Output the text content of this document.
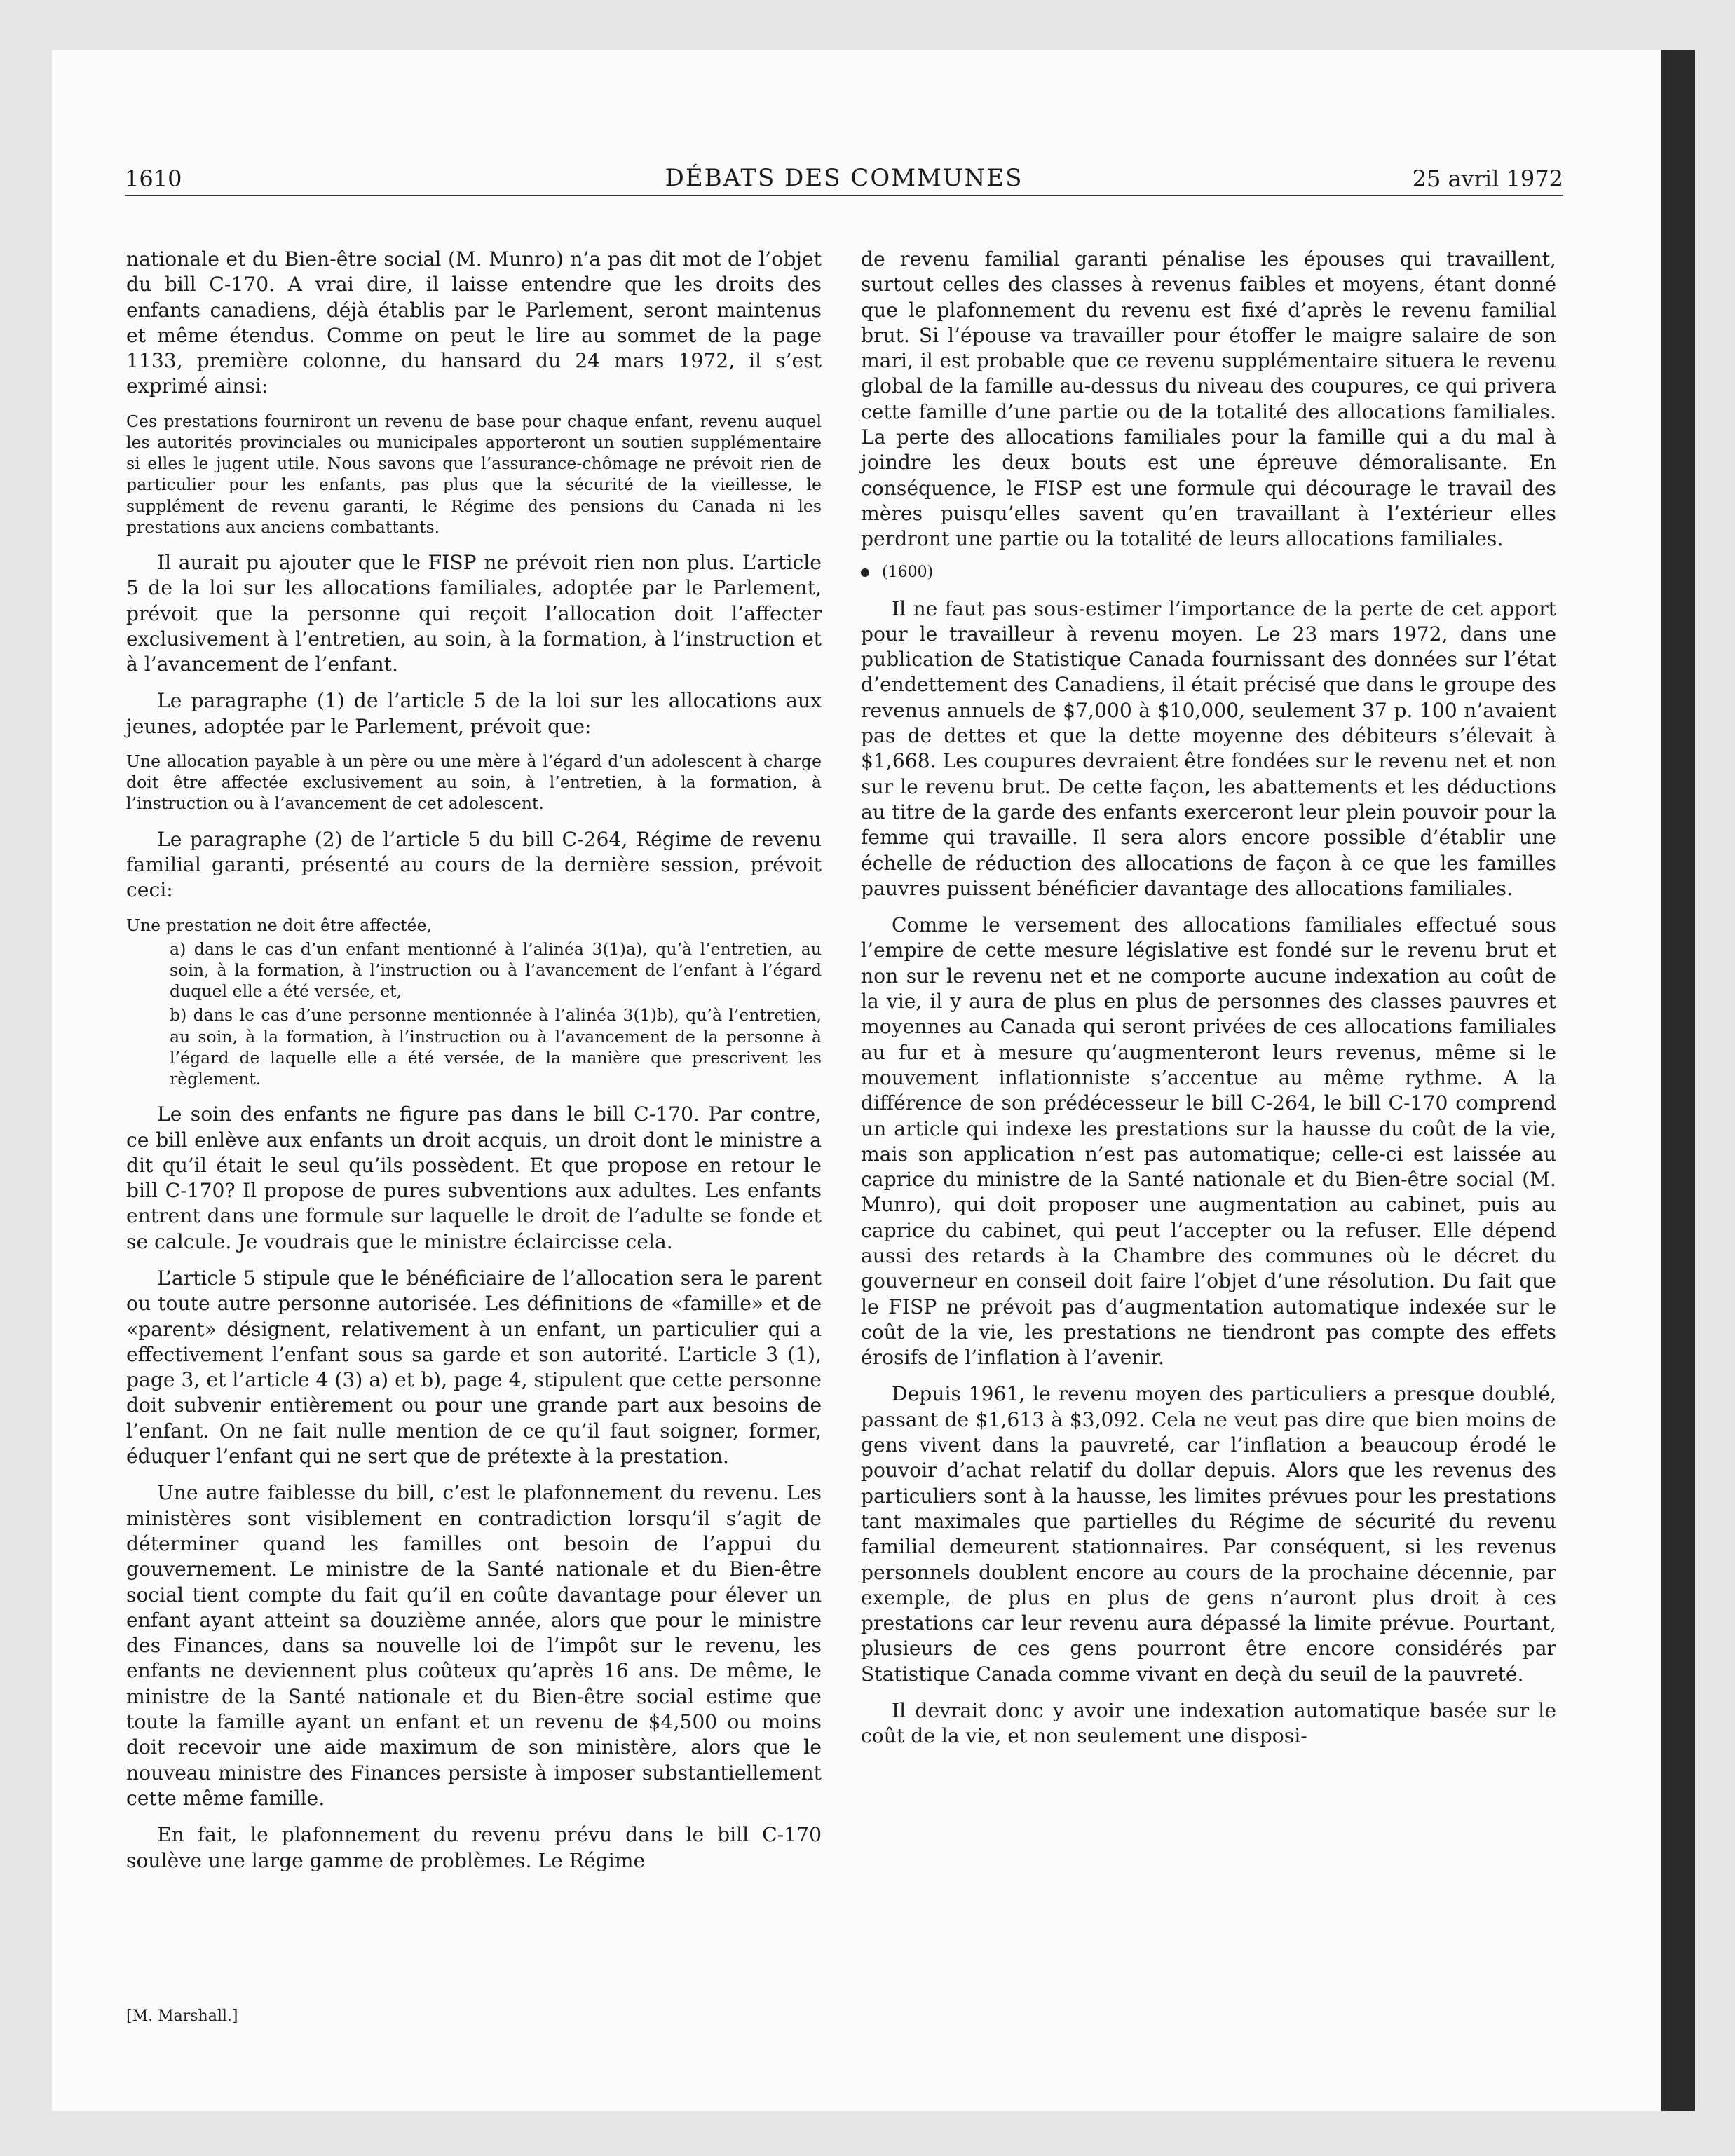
1610	DÉBATS DES COMMUNES	25 avril 1972

nationale et du Bien-être social (M. Munro) n’a pas dit mot de l’objet du bill C-170. A vrai dire, il laisse entendre que les droits des enfants canadiens, déjà établis par le Parlement, seront maintenus et même étendus. Comme on peut le lire au sommet de la page 1133, première colonne, du hansard du 24 mars 1972, il s’est exprimé ainsi:

Ces prestations fourniront un revenu de base pour chaque enfant, revenu auquel les autorités provinciales ou municipales apporteront un soutien supplémentaire si elles le jugent utile. Nous savons que l’assurance-chômage ne prévoit rien de particulier pour les enfants, pas plus que la sécurité de la vieillesse, le supplément de revenu garanti, le Régime des pensions du Canada ni les prestations aux anciens combattants.

Il aurait pu ajouter que le FISP ne prévoit rien non plus. L’article 5 de la loi sur les allocations familiales, adoptée par le Parlement, prévoit que la personne qui reçoit l’allocation doit l’affecter exclusivement à l’entretien, au soin, à la formation, à l’instruction et à l’avancement de l’enfant.

Le paragraphe (1) de l’article 5 de la loi sur les allocations aux jeunes, adoptée par le Parlement, prévoit que:

Une allocation payable à un père ou une mère à l’égard d’un adolescent à charge doit être affectée exclusivement au soin, à l’entretien, à la formation, à l’instruction ou à l’avancement de cet adolescent.

Le paragraphe (2) de l’article 5 du bill C-264, Régime de revenu familial garanti, présenté au cours de la dernière session, prévoit ceci:

Une prestation ne doit être affectée,

a) dans le cas d’un enfant mentionné à l’alinéa 3(1)a), qu’à l’entretien, au soin, à la formation, à l’instruction ou à l’avancement de l’enfant à l’égard duquel elle a été versée, et,

b) dans le cas d’une personne mentionnée à l’alinéa 3(1)b), qu’à l’entretien, au soin, à la formation, à l’instruction ou à l’avancement de la personne à l’égard de laquelle elle a été versée, de la manière que prescrivent les règlement.

Le soin des enfants ne figure pas dans le bill C-170. Par contre, ce bill enlève aux enfants un droit acquis, un droit dont le ministre a dit qu’il était le seul qu’ils possèdent. Et que propose en retour le bill C-170? Il propose de pures subventions aux adultes. Les enfants entrent dans une formule sur laquelle le droit de l’adulte se fonde et se calcule. Je voudrais que le ministre éclaircisse cela.

L’article 5 stipule que le bénéficiaire de l’allocation sera le parent ou toute autre personne autorisée. Les définitions de «famille» et de «parent» désignent, relativement à un enfant, un particulier qui a effectivement l’enfant sous sa garde et son autorité. L’article 3 (1), page 3, et l’article 4 (3) a) et b), page 4, stipulent que cette personne doit subvenir entièrement ou pour une grande part aux besoins de l’enfant. On ne fait nulle mention de ce qu’il faut soigner, former, éduquer l’enfant qui ne sert que de prétexte à la prestation.

Une autre faiblesse du bill, c’est le plafonnement du revenu. Les ministères sont visiblement en contradiction lorsqu’il s’agit de déterminer quand les familles ont besoin de l’appui du gouvernement. Le ministre de la Santé nationale et du Bien-être social tient compte du fait qu’il en coûte davantage pour élever un enfant ayant atteint sa douzième année, alors que pour le ministre des Finances, dans sa nouvelle loi de l’impôt sur le revenu, les enfants ne deviennent plus coûteux qu’après 16 ans. De même, le ministre de la Santé nationale et du Bien-être social estime que toute la famille ayant un enfant et un revenu de $4,500 ou moins doit recevoir une aide maximum de son ministère, alors que le nouveau ministre des Finances persiste à imposer substantiellement cette même famille.

En fait, le plafonnement du revenu prévu dans le bill C-170 soulève une large gamme de problèmes. Le Régime

de revenu familial garanti pénalise les épouses qui travaillent, surtout celles des classes à revenus faibles et moyens, étant donné que le plafonnement du revenu est fixé d’après le revenu familial brut. Si l’épouse va travailler pour étoffer le maigre salaire de son mari, il est probable que ce revenu supplémentaire situera le revenu global de la famille au-dessus du niveau des coupures, ce qui privera cette famille d’une partie ou de la totalité des allocations familiales. La perte des allocations familiales pour la famille qui a du mal à joindre les deux bouts est une épreuve démoralisante. En conséquence, le FISP est une formule qui décourage le travail des mères puisqu’elles savent qu’en travaillant à l’extérieur elles perdront une partie ou la totalité de leurs allocations familiales.

(1600)

Il ne faut pas sous-estimer l’importance de la perte de cet apport pour le travailleur à revenu moyen. Le 23 mars 1972, dans une publication de Statistique Canada fournissant des données sur l’état d’endettement des Canadiens, il était précisé que dans le groupe des revenus annuels de $7,000 à $10,000, seulement 37 p. 100 n’avaient pas de dettes et que la dette moyenne des débiteurs s’élevait à $1,668. Les coupures devraient être fondées sur le revenu net et non sur le revenu brut. De cette façon, les abattements et les déductions au titre de la garde des enfants exerceront leur plein pouvoir pour la femme qui travaille. Il sera alors encore possible d’établir une échelle de réduction des allocations de façon à ce que les familles pauvres puissent bénéficier davantage des allocations familiales.

Comme le versement des allocations familiales effectué sous l’empire de cette mesure législative est fondé sur le revenu brut et non sur le revenu net et ne comporte aucune indexation au coût de la vie, il y aura de plus en plus de personnes des classes pauvres et moyennes au Canada qui seront privées de ces allocations familiales au fur et à mesure qu’augmenteront leurs revenus, même si le mouvement inflationniste s’accentue au même rythme. A la différence de son prédécesseur le bill C-264, le bill C-170 comprend un article qui indexe les prestations sur la hausse du coût de la vie, mais son application n’est pas automatique; celle-ci est laissée au caprice du ministre de la Santé nationale et du Bien-être social (M. Munro), qui doit proposer une augmentation au cabinet, puis au caprice du cabinet, qui peut l’accepter ou la refuser. Elle dépend aussi des retards à la Chambre des communes où le décret du gouverneur en conseil doit faire l’objet d’une résolution. Du fait que le FISP ne prévoit pas d’augmentation automatique indexée sur le coût de la vie, les prestations ne tiendront pas compte des effets érosifs de l’inflation à l’avenir.

Depuis 1961, le revenu moyen des particuliers a presque doublé, passant de $1,613 à $3,092. Cela ne veut pas dire que bien moins de gens vivent dans la pauvreté, car l’inflation a beaucoup érodé le pouvoir d’achat relatif du dollar depuis. Alors que les revenus des particuliers sont à la hausse, les limites prévues pour les prestations tant maximales que partielles du Régime de sécurité du revenu familial demeurent stationnaires. Par conséquent, si les revenus personnels doublent encore au cours de la prochaine décennie, par exemple, de plus en plus de gens n’auront plus droit à ces prestations car leur revenu aura dépassé la limite prévue. Pourtant, plusieurs de ces gens pourront être encore considérés par Statistique Canada comme vivant en deçà du seuil de la pauvreté.

Il devrait donc y avoir une indexation automatique basée sur le coût de la vie, et non seulement une disposi-

[M. Marshall.]
